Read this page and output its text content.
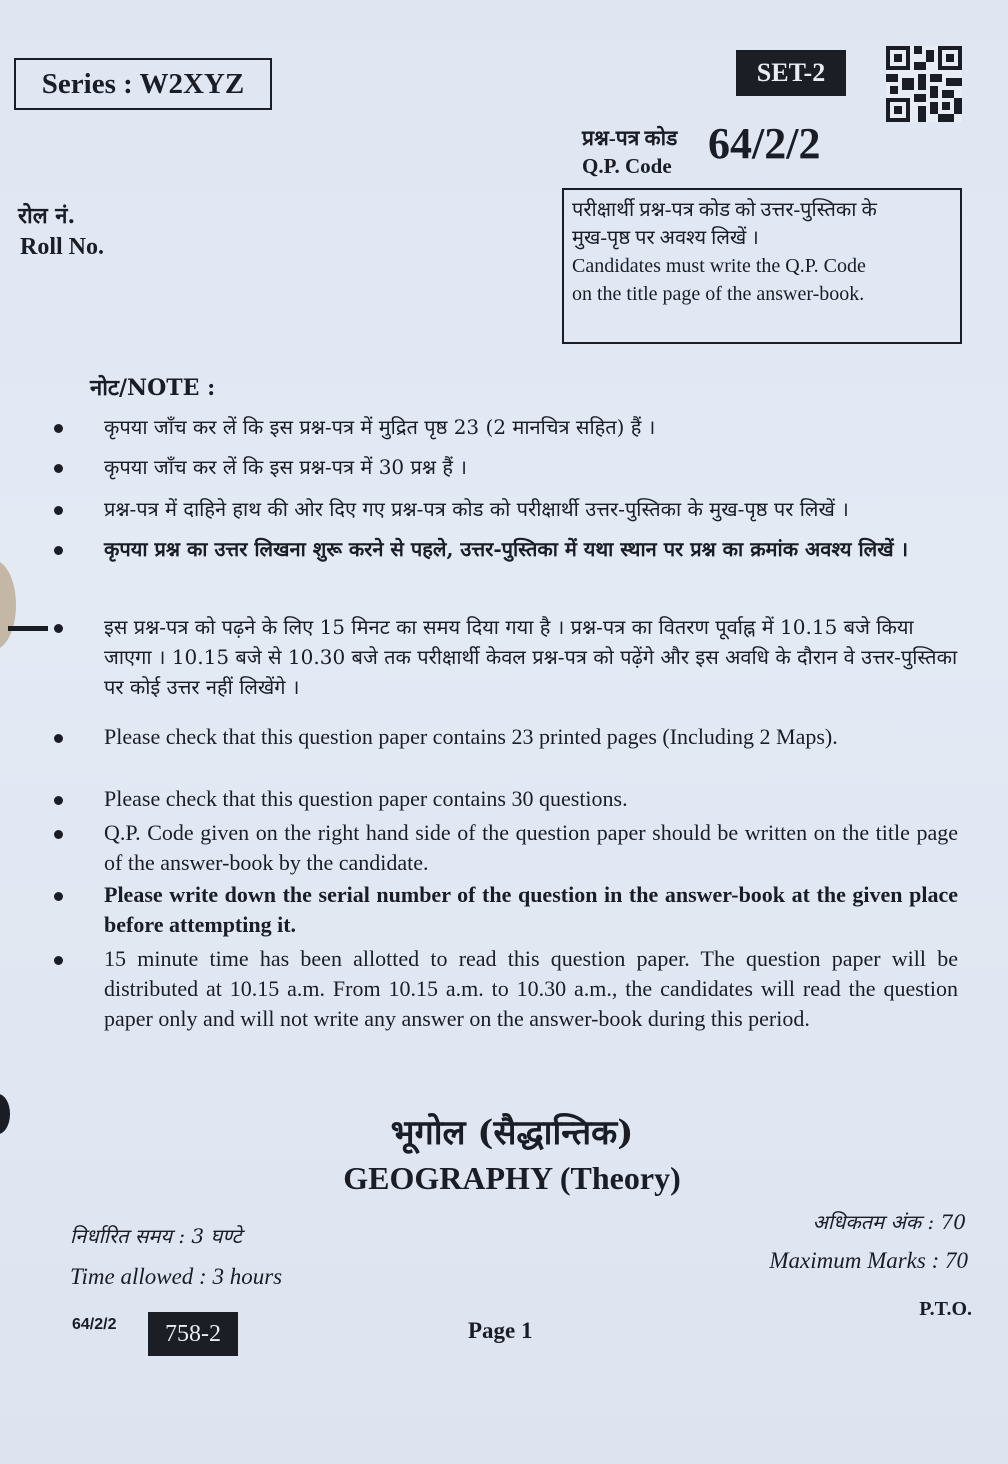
Series : W2XYZ	SET-2
प्रश्न-पत्र कोड
Q.P. Code 64/2/2
रोल नं.
Roll No.
परीक्षार्थी प्रश्न-पत्र कोड को उत्तर-पुस्तिका के
मुख-पृष्ठ पर अवश्य लिखें ।
Candidates must write the Q.P. Code
on the title page of the answer-book.
नोट/NOTE :
कृपया जाँच कर लें कि इस प्रश्न-पत्र में मुद्रित पृष्ठ 23 (2 मानचित्र सहित) हैं ।
कृपया जाँच कर लें कि इस प्रश्न-पत्र में 30 प्रश्न हैं ।
प्रश्न-पत्र में दाहिने हाथ की ओर दिए गए प्रश्न-पत्र कोड को परीक्षार्थी उत्तर-पुस्तिका के मुख-पृष्ठ पर लिखें ।
कृपया प्रश्न का उत्तर लिखना शुरू करने से पहले, उत्तर-पुस्तिका में यथा स्थान पर प्रश्न का क्रमांक अवश्य लिखें ।
इस प्रश्न-पत्र को पढ़ने के लिए 15 मिनट का समय दिया गया है । प्रश्न-पत्र का वितरण पूर्वाह्न में 10.15 बजे किया जाएगा । 10.15 बजे से 10.30 बजे तक परीक्षार्थी केवल प्रश्न-पत्र को पढ़ेंगे और इस अवधि के दौरान वे उत्तर-पुस्तिका पर कोई उत्तर नहीं लिखेंगे ।
Please check that this question paper contains 23 printed pages (Including 2 Maps).
Please check that this question paper contains 30 questions.
Q.P. Code given on the right hand side of the question paper should be written on the title page of the answer-book by the candidate.
Please write down the serial number of the question in the answer-book at the given place before attempting it.
15 minute time has been allotted to read this question paper. The question paper will be distributed at 10.15 a.m. From 10.15 a.m. to 10.30 a.m., the candidates will read the question paper only and will not write any answer on the answer-book during this period.
भूगोल (सैद्धान्तिक)
GEOGRAPHY (Theory)
निर्धारित समय : 3 घण्टे
Time allowed : 3 hours
अधिकतम अंक : 70
Maximum Marks : 70
64/2/2 758-2	Page 1
P.T.O.
